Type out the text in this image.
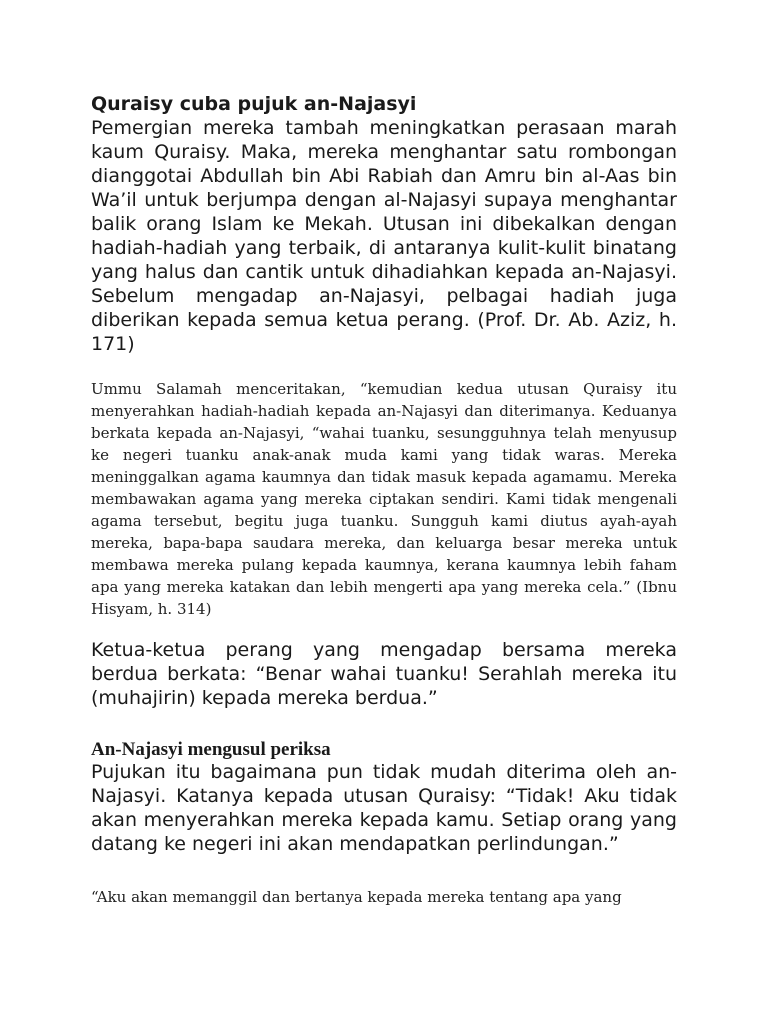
Quraisy cuba pujuk an-Najasyi

Pemergian mereka tambah meningkatkan perasaan marah kaum Quraisy. Maka, mereka menghantar satu rombongan dianggotai Abdullah bin Abi Rabiah dan Amru bin al-Aas bin Wa’il untuk berjumpa dengan al-Najasyi supaya menghantar balik orang Islam ke Mekah. Utusan ini dibekalkan dengan hadiah-hadiah yang terbaik, di antaranya kulit-kulit binatang yang halus dan cantik untuk dihadiahkan kepada an-Najasyi. Sebelum mengadap an-Najasyi, pelbagai hadiah juga diberikan kepada semua ketua perang. (Prof. Dr. Ab. Aziz, h. 171)

Ummu Salamah menceritakan, “kemudian kedua utusan Quraisy itu menyerahkan hadiah-hadiah kepada an-Najasyi dan diterimanya. Keduanya berkata kepada an-Najasyi, “wahai tuanku, sesungguhnya telah menyusup ke negeri tuanku anak-anak muda kami yang tidak waras. Mereka meninggalkan agama kaumnya dan tidak masuk kepada agamamu. Mereka membawakan agama yang mereka ciptakan sendiri. Kami tidak mengenali agama tersebut, begitu juga tuanku. Sungguh kami diutus ayah-ayah mereka, bapa-bapa saudara mereka, dan keluarga besar mereka untuk membawa mereka pulang kepada kaumnya, kerana kaumnya lebih faham apa yang mereka katakan dan lebih mengerti apa yang mereka cela.” (Ibnu Hisyam, h. 314)

Ketua-ketua perang yang mengadap bersama mereka berdua berkata: “Benar wahai tuanku! Serahlah mereka itu (muhajirin) kepada mereka berdua.”

An-Najasyi mengusul periksa

Pujukan itu bagaimana pun tidak mudah diterima oleh an-Najasyi. Katanya kepada utusan Quraisy: “Tidak! Aku tidak akan menyerahkan mereka kepada kamu. Setiap orang yang datang ke negeri ini akan mendapatkan perlindungan.”

“Aku akan memanggil dan bertanya kepada mereka tentang apa yang
